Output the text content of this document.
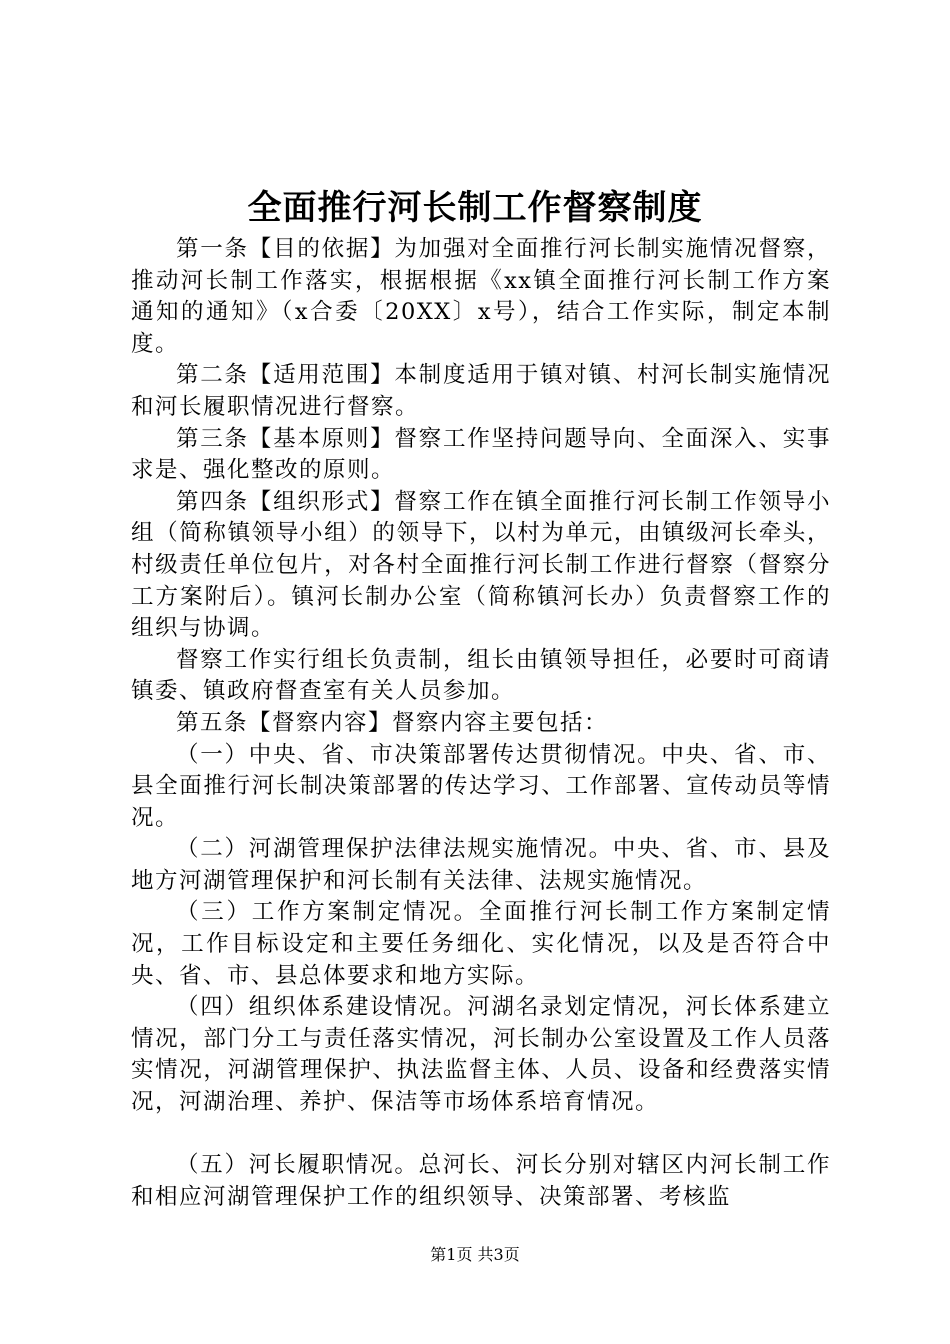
全面推行河长制工作督察制度

第一条【目的依据】为加强对全面推行河长制实施情况督察，推动河长制工作落实，根据根据《xx镇全面推行河长制工作方案通知的通知》（x合委〔20XX〕x号），结合工作实际，制定本制度。

第二条【适用范围】本制度适用于镇对镇、村河长制实施情况和河长履职情况进行督察。

第三条【基本原则】督察工作坚持问题导向、全面深入、实事求是、强化整改的原则。

第四条【组织形式】督察工作在镇全面推行河长制工作领导小组（简称镇领导小组）的领导下，以村为单元，由镇级河长牵头，村级责任单位包片，对各村全面推行河长制工作进行督察（督察分工方案附后）。镇河长制办公室（简称镇河长办）负责督察工作的组织与协调。

督察工作实行组长负责制，组长由镇领导担任，必要时可商请镇委、镇政府督查室有关人员参加。

第五条【督察内容】督察内容主要包括：

（一）中央、省、市决策部署传达贯彻情况。中央、省、市、县全面推行河长制决策部署的传达学习、工作部署、宣传动员等情况。

（二）河湖管理保护法律法规实施情况。中央、省、市、县及地方河湖管理保护和河长制有关法律、法规实施情况。

（三）工作方案制定情况。全面推行河长制工作方案制定情况，工作目标设定和主要任务细化、实化情况，以及是否符合中央、省、市、县总体要求和地方实际。

（四）组织体系建设情况。河湖名录划定情况，河长体系建立情况，部门分工与责任落实情况，河长制办公室设置及工作人员落实情况，河湖管理保护、执法监督主体、人员、设备和经费落实情况，河湖治理、养护、保洁等市场体系培育情况。

（五）河长履职情况。总河长、河长分别对辖区内河长制工作和相应河湖管理保护工作的组织领导、决策部署、考核监

第1页 共3页
